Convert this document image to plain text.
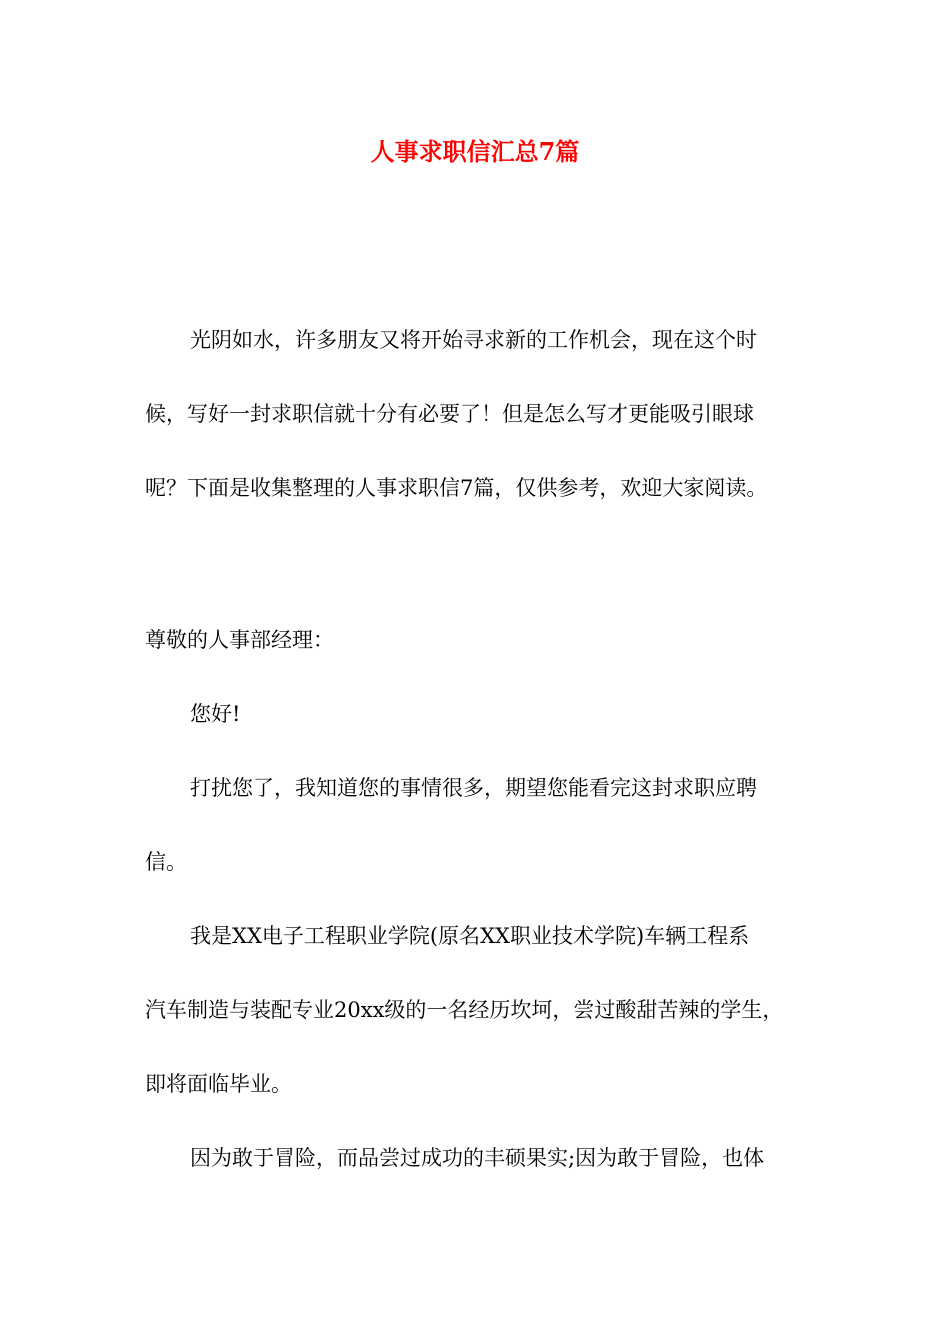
人事求职信汇总7篇
光阴如水，许多朋友又将开始寻求新的工作机会，现在这个时
候，写好一封求职信就十分有必要了！但是怎么写才更能吸引眼球
呢？下面是收集整理的人事求职信7篇，仅供参考，欢迎大家阅读。
尊敬的人事部经理：
您好!
打扰您了，我知道您的事情很多，期望您能看完这封求职应聘
信。
我是XX电子工程职业学院(原名XX职业技术学院)车辆工程系
汽车制造与装配专业20xx级的一名经历坎坷，尝过酸甜苦辣的学生，
即将面临毕业。
因为敢于冒险，而品尝过成功的丰硕果实;因为敢于冒险，也体
